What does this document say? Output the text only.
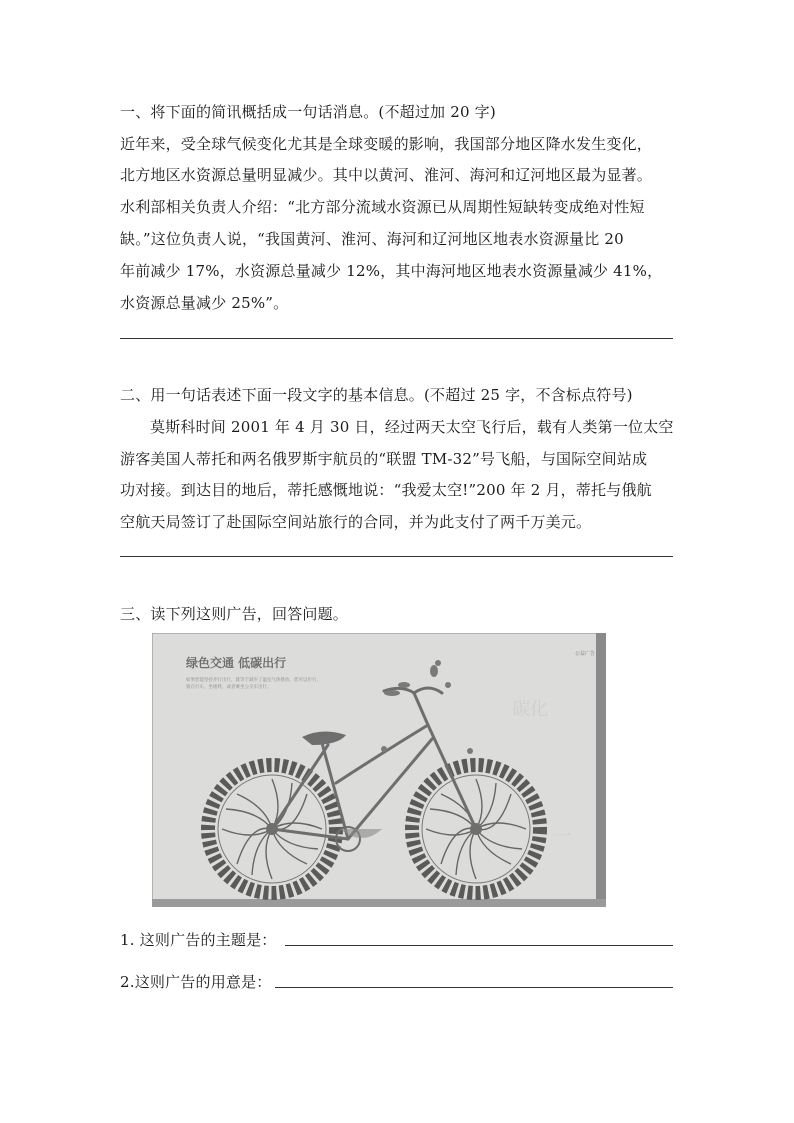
一、将下面的简讯概括成一句话消息。(不超过加 20 字)
近年来，受全球气候变化尤其是全球变暖的影响，我国部分地区降水发生变化，
北方地区水资源总量明显减少。其中以黄河、淮河、海河和辽河地区最为显著。
水利部相关负责人介绍：“北方部分流域水资源已从周期性短缺转变成绝对性短
缺。”这位负责人说，“我国黄河、淮河、海河和辽河地区地表水资源量比 20
年前减少 17%，水资源总量减少 12%，其中海河地区地表水资源量减少 41%，
水资源总量减少 25%”。
二、用一句话表述下面一段文字的基本信息。(不超过 25 字，不含标点符号)
莫斯科时间 2001 年 4 月 30 日，经过两天太空飞行后，载有人类第一位太空
游客美国人蒂托和两名俄罗斯宇航员的“联盟 TM-32”号飞船，与国际空间站成
功对接。到达目的地后，蒂托感慨地说：“我爱太空!”200 年 2 月，蒂托与俄航
空航天局签订了赴国际空间站旅行的合同，并为此支付了两千万美元。
三、读下列这则广告，回答问题。
碳化
一
绿色交通 低碳出行
如果您能坚持步行出行，就等于减少了温室气体排放，您可以步行，
骑自行车，坐地铁，或者乘坐公交车出行。
公益广告
1. 这则广告的主题是：
2.这则广告的用意是：
